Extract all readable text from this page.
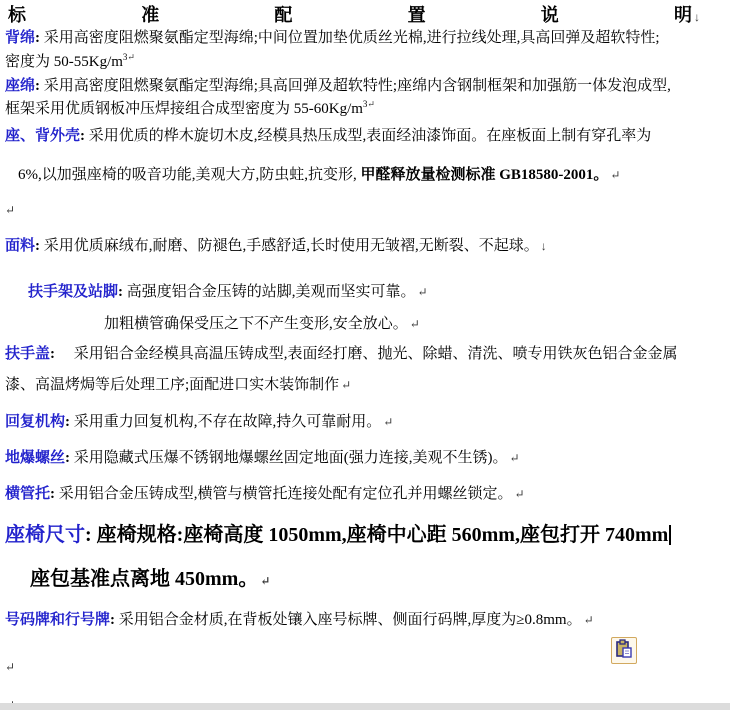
标	准	配	置	说	明 ↓
背绵: 采用高密度阻燃聚氨酯定型海绵;中间位置加垫优质丝光棉,进行拉线处理,具高回弹及超软特性;
密度为 $50-55Kg/m^{3↵}$
座绵: 采用高密度阻燃聚氨酯定型海绵;具高回弹及超软特性;座绵内含钢制框架和加强筋一体发泡成型,
框架采用优质钢板冲压焊接组合成型密度为 $55-60Kg/m^{3↵}$
座、背外壳: 采用优质的桦木旋切木皮,经模具热压成型,表面经油漆饰面。在座板面上制有穿孔率为
6%,以加强座椅的吸音功能,美观大方,防虫蛀,抗变形, 甲醛释放量检测标准 GB18580-2001。 ↵
↵
面料: 采用优质麻绒布,耐磨、防褪色,手感舒适,长时使用无皱褶,无断裂、不起球。 ↓
扶手架及站脚: 高强度铝合金压铸的站脚,美观而坚实可靠。 ↵
加粗横管确保受压之下不产生变形,安全放心。 ↵
扶手盖: 　采用铝合金经模具高温压铸成型,表面经打磨、抛光、除蜡、清洗、喷专用铁灰色铝合金金属
漆、高温烤焗等后处理工序;面配进口实木装饰制作 ↵
回复机构: 采用重力回复机构,不存在故障,持久可靠耐用。 ↵
地爆螺丝: 采用隐藏式压爆不锈钢地爆螺丝固定地面(强力连接,美观不生锈)。 ↵
横管托: 采用铝合金压铸成型,横管与横管托连接处配有定位孔并用螺丝锁定。 ↵
座椅尺寸: 座椅规格:座椅高度 1050mm,座椅中心距 560mm,座包打开 740mm
座包基准点离地 450mm。 ↵
号码牌和行号牌: 采用铝合金材质,在背板处镶入座号标牌、侧面行码牌,厚度为≥0.8mm。 ↵
↵
